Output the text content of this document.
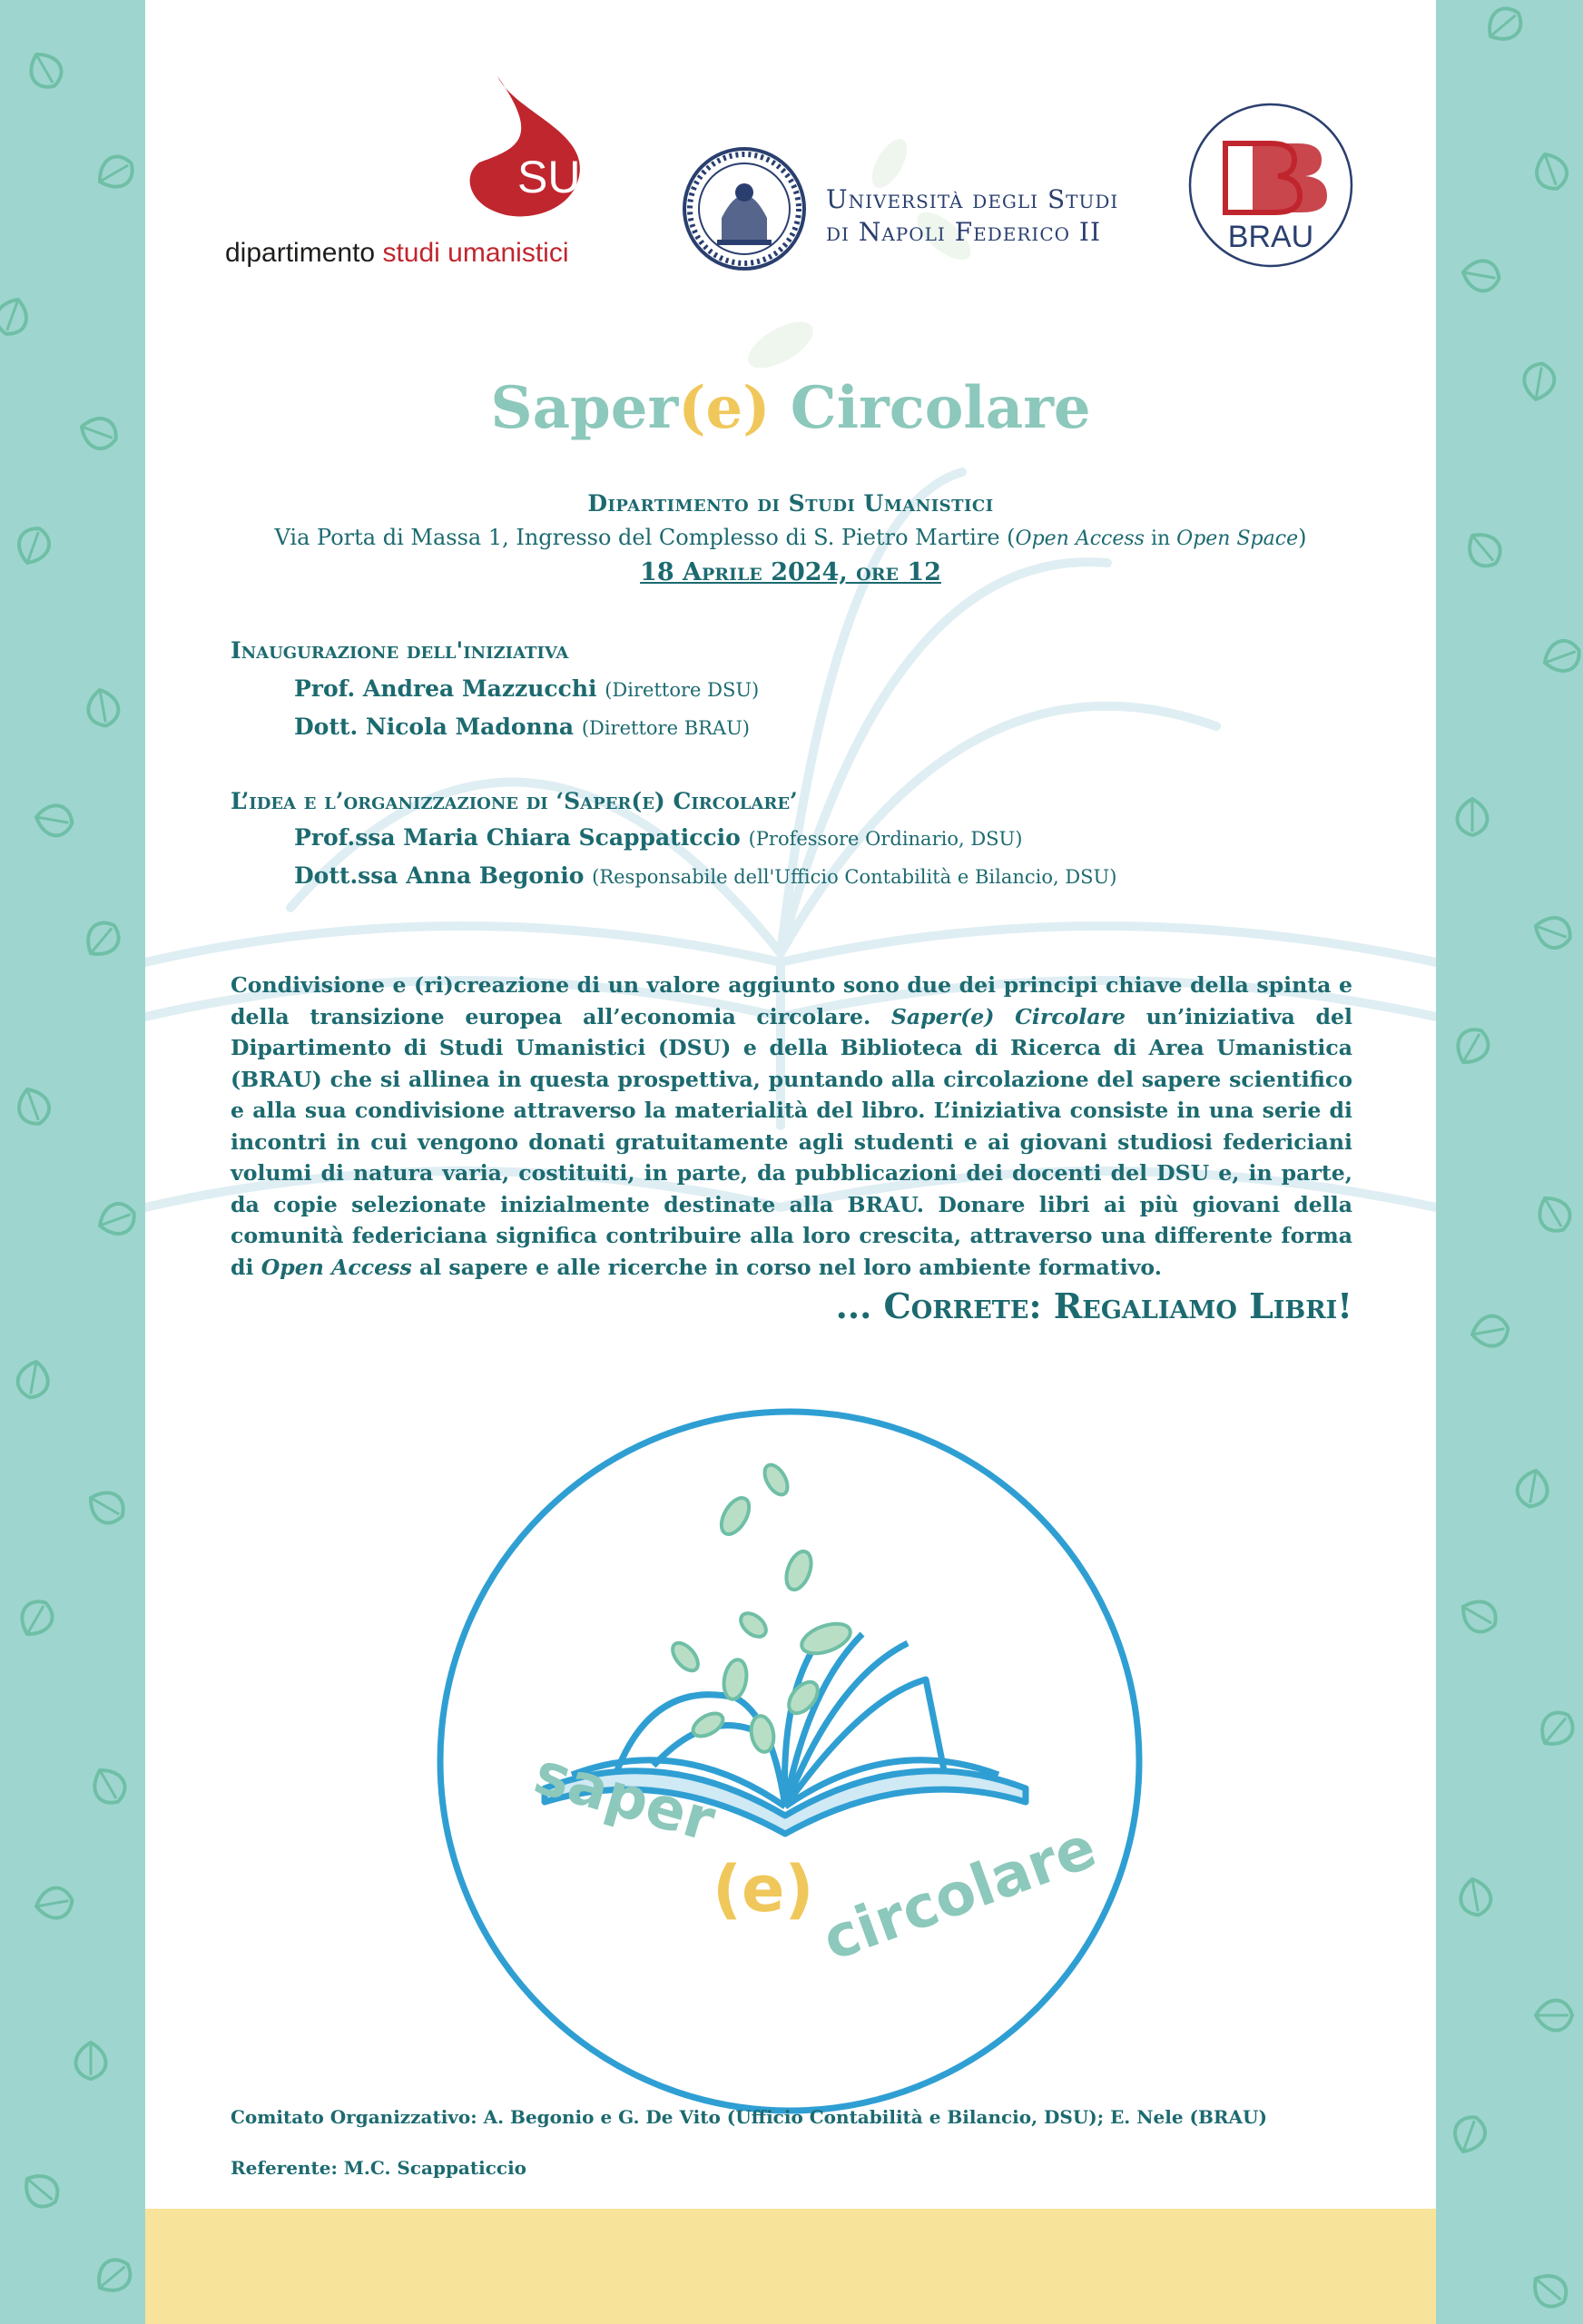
SU
dipartimento studi umanistici
Università degli Studi
di Napoli Federico II	BRAU
Saper(e) Circolare
Dipartimento di Studi Umanistici
Via Porta di Massa 1, Ingresso del Complesso di S. Pietro Martire (Open Access in Open Space)
18 Aprile 2024, ore 12
Inaugurazione dell'iniziativa
Prof. Andrea Mazzucchi (Direttore DSU)
Dott. Nicola Madonna (Direttore BRAU)
L’idea e l’organizzazione di ‘Saper(e) Circolare’
Prof.ssa Maria Chiara Scappaticcio (Professore Ordinario, DSU)
Dott.ssa Anna Begonio (Responsabile dell'Ufficio Contabilità e Bilancio, DSU)
Condivisione e (ri)creazione di un valore aggiunto sono due dei principi chiave della spinta e della transizione europea all’economia circolare. Saper(e) Circolare un’iniziativa del Dipartimento di Studi Umanistici (DSU) e della Biblioteca di Ricerca di Area Umanistica (BRAU) che si allinea in questa prospettiva, puntando alla circolazione del sapere scientifico e alla sua condivisione attraverso la materialità del libro. L’iniziativa consiste in una serie di incontri in cui vengono donati gratuitamente agli studenti e ai giovani studiosi federiciani volumi di natura varia, costituiti, in parte, da pubblicazioni dei docenti del DSU e, in parte, da copie selezionate inizialmente destinate alla BRAU. Donare libri ai più giovani della comunità federiciana significa contribuire alla loro crescita, attraverso una differente forma di Open Access al sapere e alle ricerche in corso nel loro ambiente formativo.
... Correte: Regaliamo Libri!
saper
(e) circolare
Comitato Organizzativo: A. Begonio e G. De Vito (Ufficio Contabilità e Bilancio, DSU); E. Nele (BRAU)
Referente: M.C. Scappaticcio
